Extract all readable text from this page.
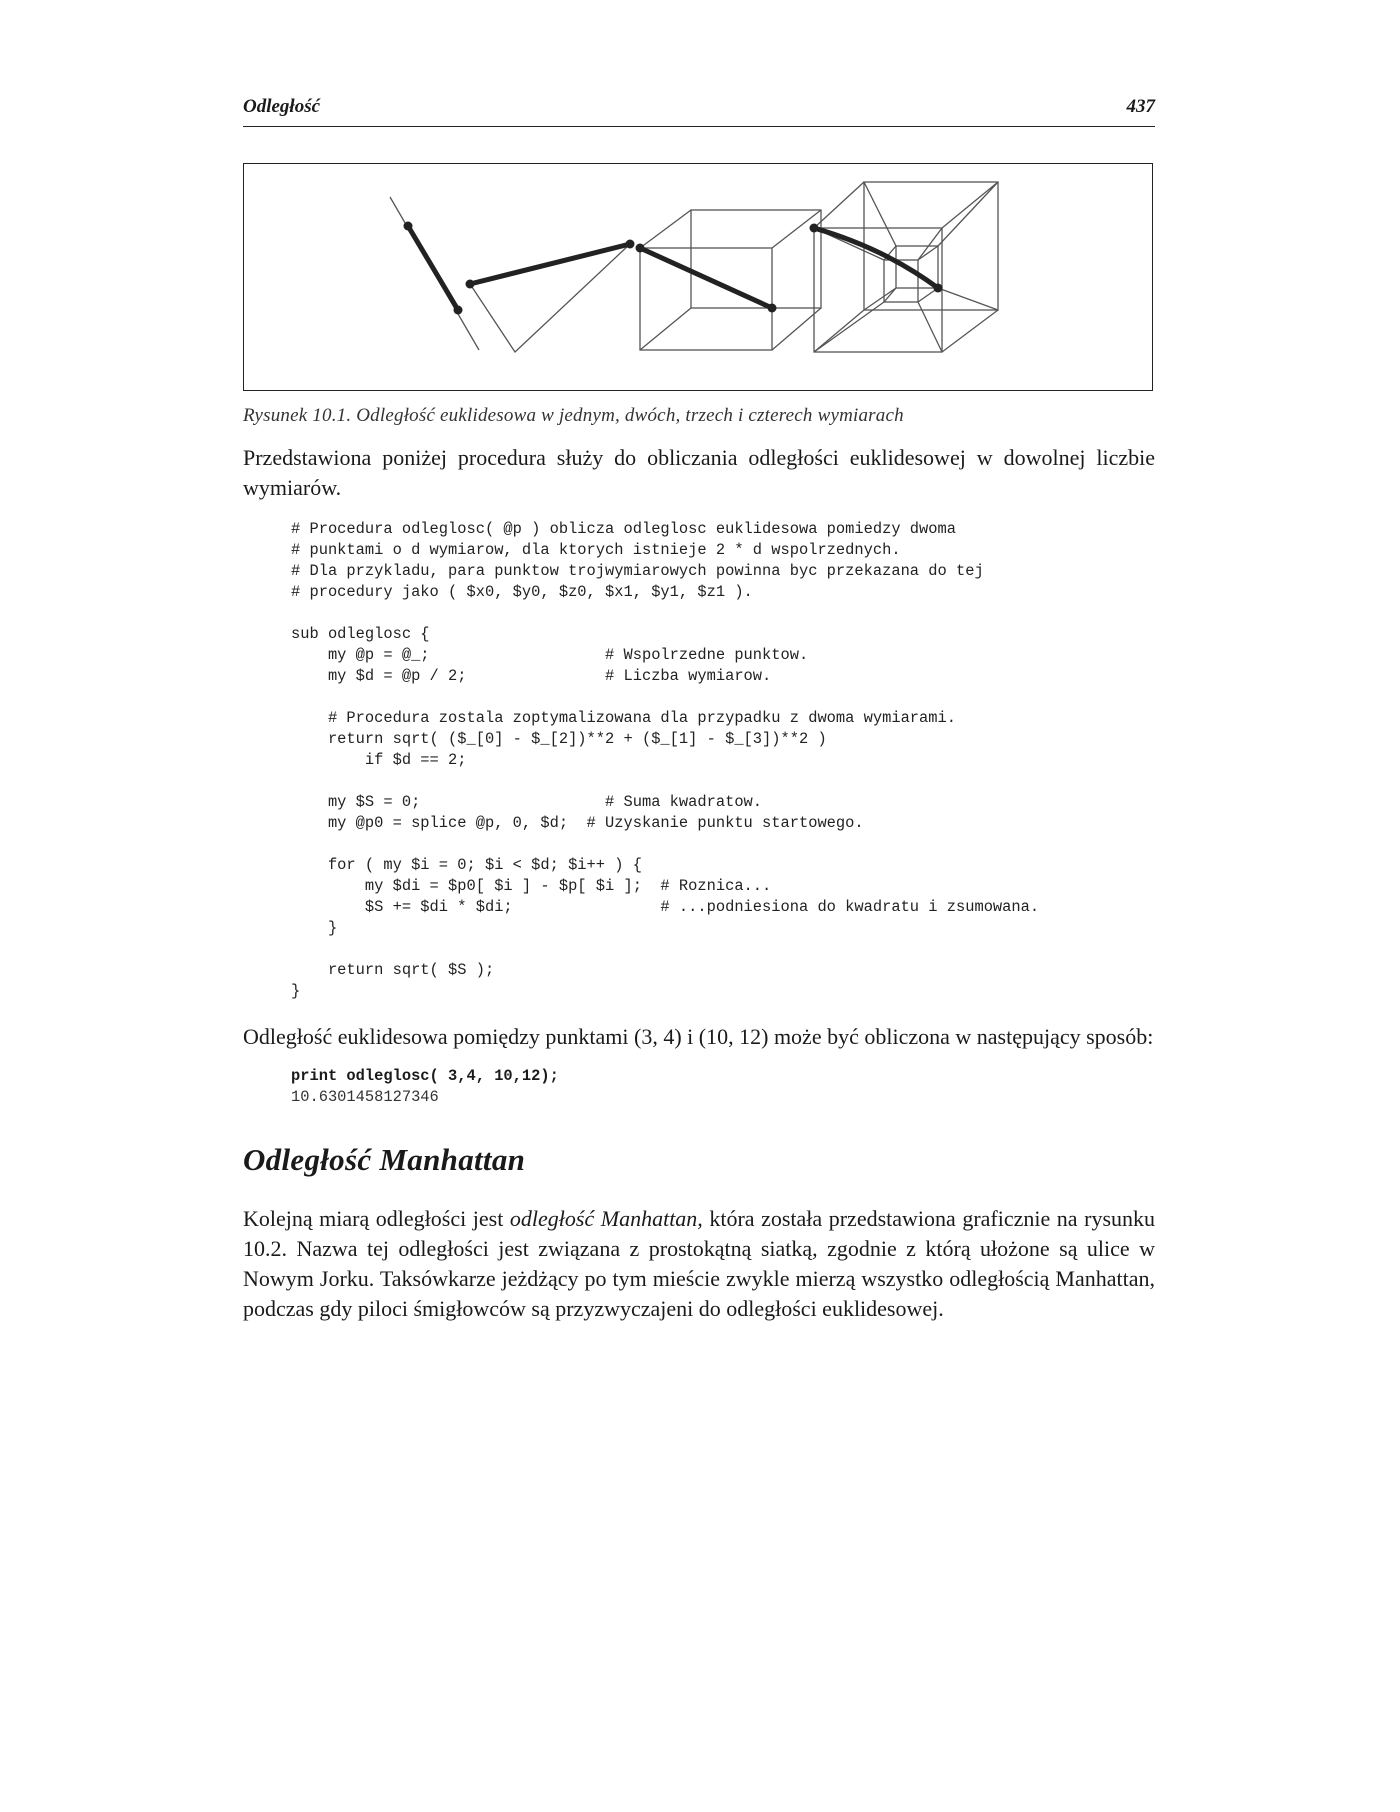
Odległość	437
Rysunek 10.1. Odległość euklidesowa w jednym, dwóch, trzech i czterech wymiarach

Przedstawiona poniżej procedura służy do obliczania odległości euklidesowej w dowolnej liczbie wymiarów.

# Procedura odleglosc( @p ) oblicza odleglosc euklidesowa pomiedzy dwoma
# punktami o d wymiarow, dla ktorych istnieje 2 * d wspolrzednych.
# Dla przykladu, para punktow trojwymiarowych powinna byc przekazana do tej
# procedury jako ( $x0, $y0, $z0, $x1, $y1, $z1 ).
sub odleglosc {
my @p = @_;                   # Wspolrzedne punktow.
my $d = @p / 2;               # Liczba wymiarow.
# Procedura zostala zoptymalizowana dla przypadku z dwoma wymiarami.
return sqrt( ($_[0] - $_[2])**2 + ($_[1] - $_[3])**2 )
if $d == 2;
my $S = 0;                    # Suma kwadratow.
my @p0 = splice @p, 0, $d;  # Uzyskanie punktu startowego.
for ( my $i = 0; $i < $d; $i++ ) {
my $di = $p0[ $i ] - $p[ $i ];  # Roznica...
$S += $di * $di;                # ...podniesiona do kwadratu i zsumowana.
}
return sqrt( $S );
}

Odległość euklidesowa pomiędzy punktami (3, 4) i (10, 12) może być obliczona w następujący sposób:

print odleglosc( 3,4, 10,12);
10.6301458127346
Odległość Manhattan

Kolejną miarą odległości jest odległość Manhattan, która została przedstawiona graficznie na rysunku 10.2. Nazwa tej odległości jest związana z prostokątną siatką, zgodnie z którą ułożone są ulice w Nowym Jorku. Taksówkarze jeżdżący po tym mieście zwykle mierzą wszystko odległością Manhattan, podczas gdy piloci śmigłowców są przyzwyczajeni do odległości euklidesowej.
